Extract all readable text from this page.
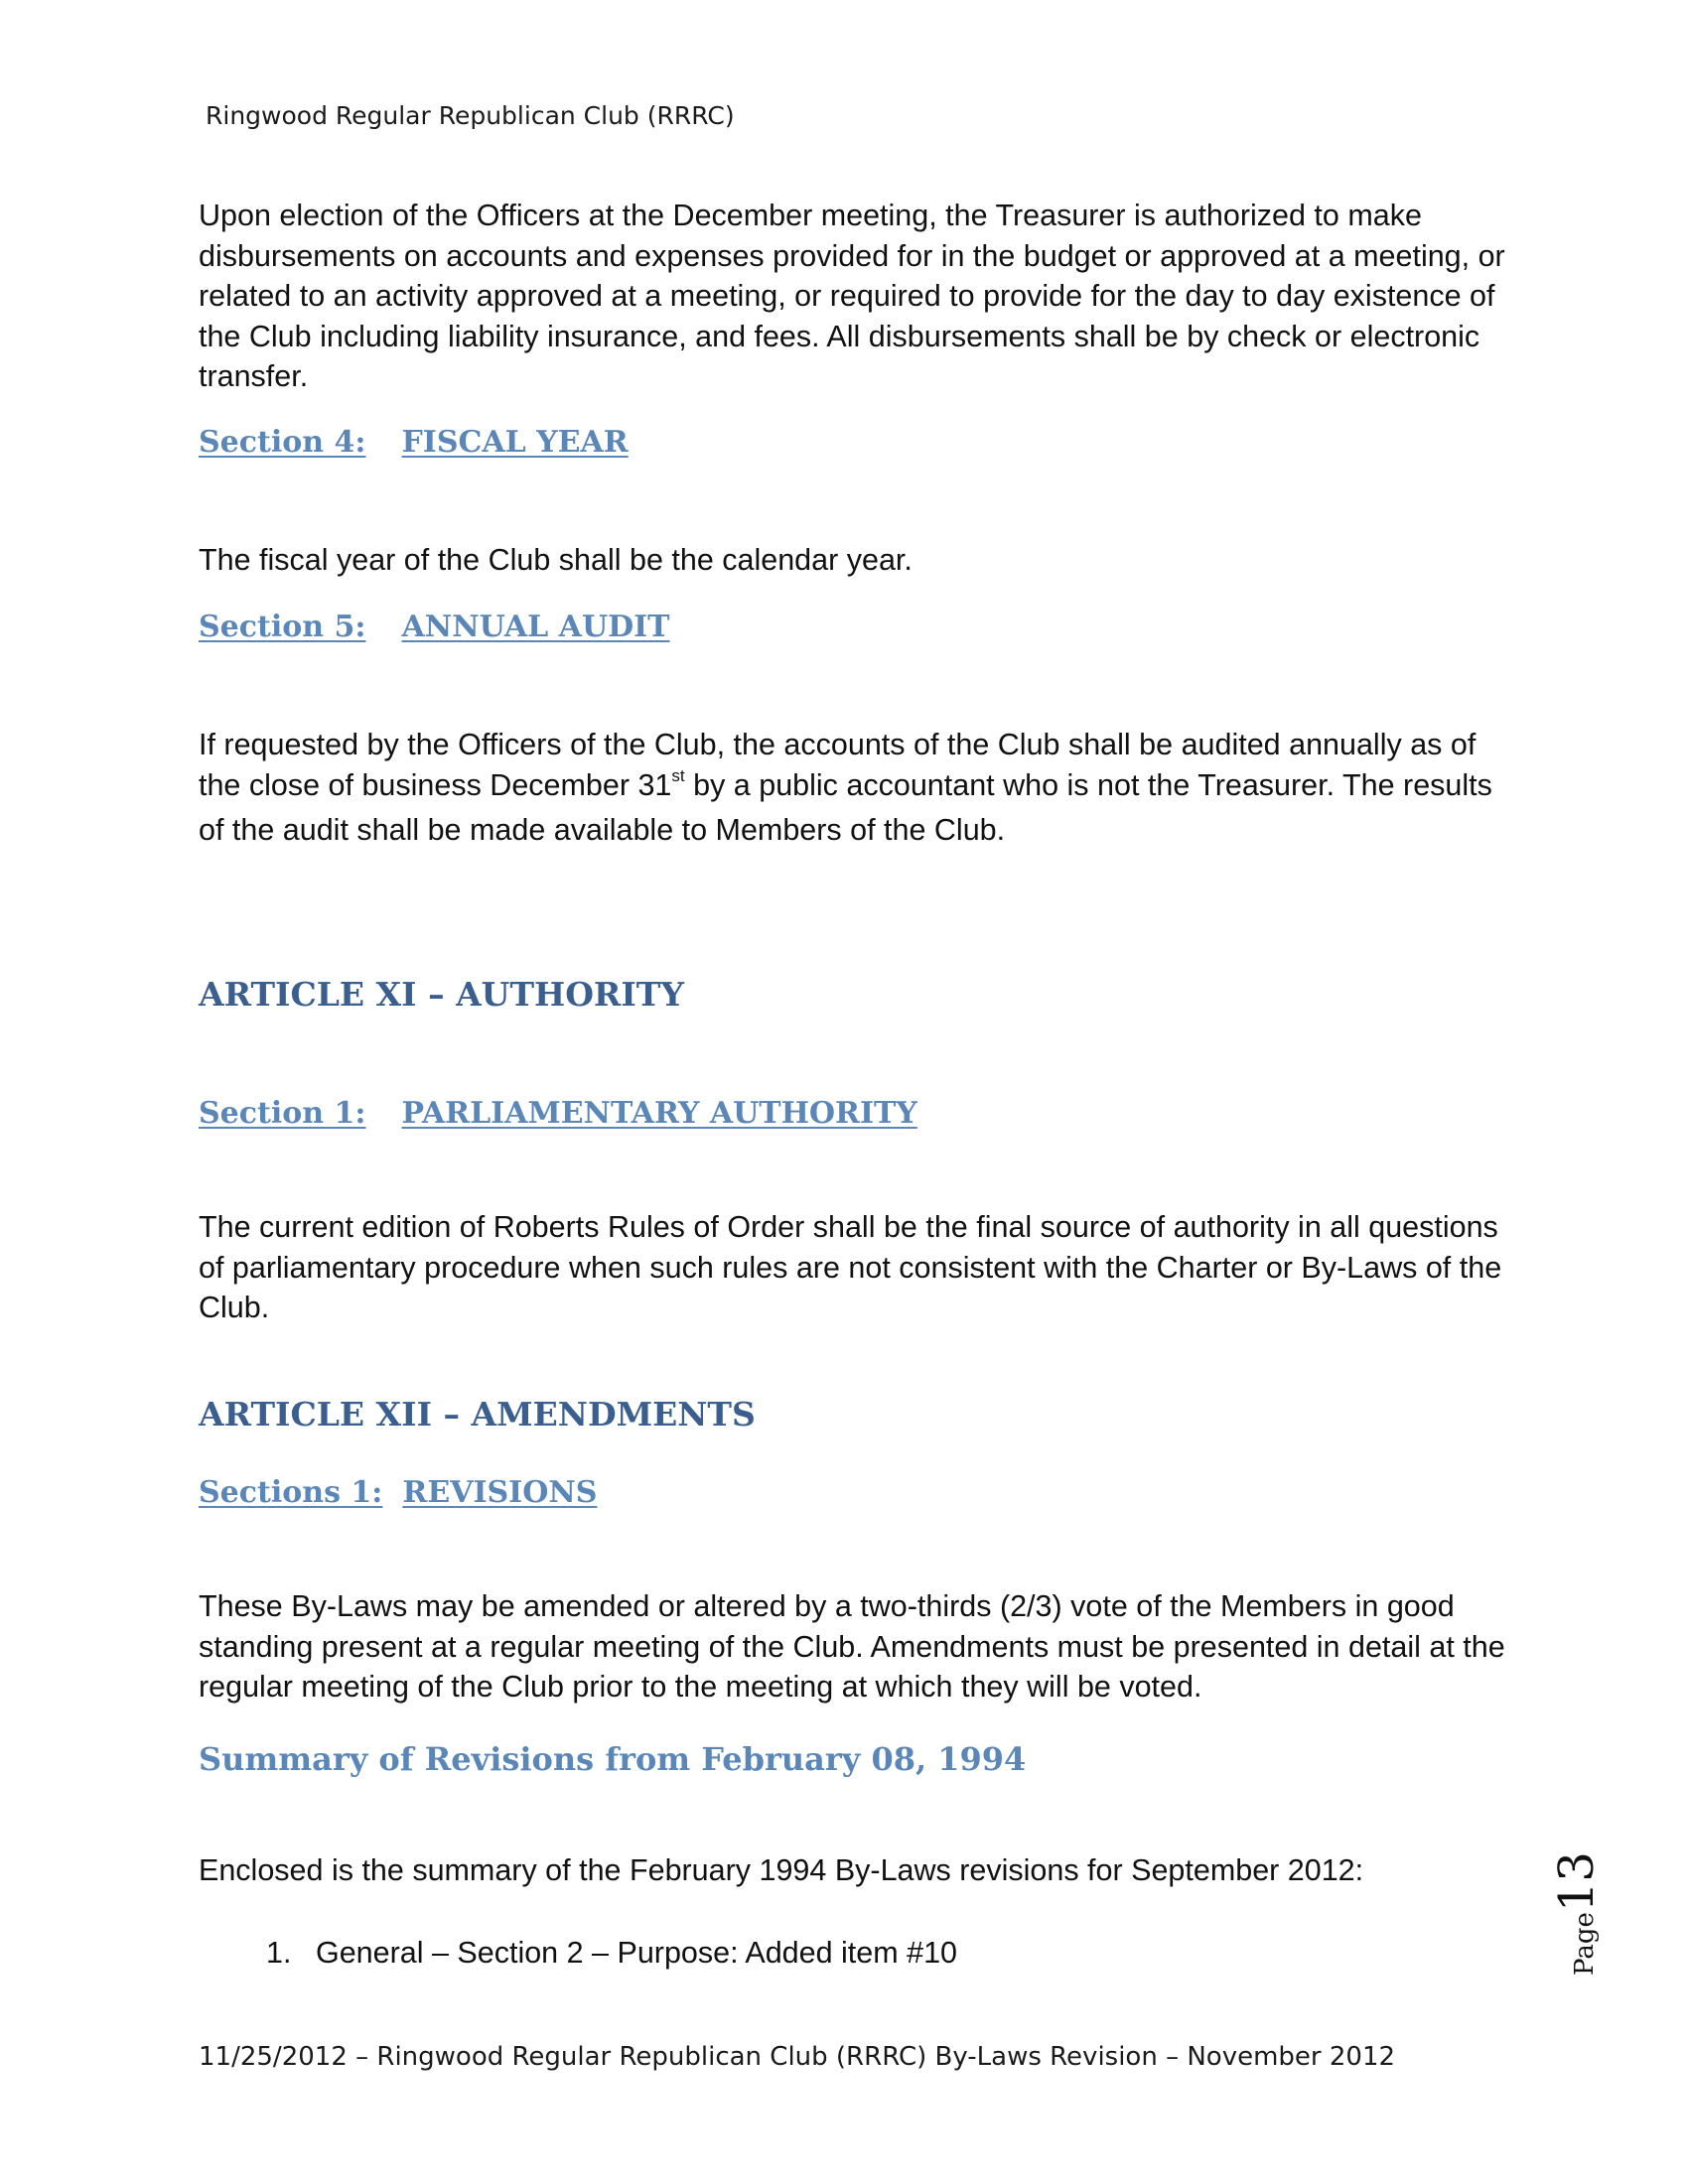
Ringwood Regular Republican Club (RRRC)

Upon election of the Officers at the December meeting, the Treasurer is authorized to make disbursements on accounts and expenses provided for in the budget or approved at a meeting, or related to an activity approved at a meeting, or required to provide for the day to day existence of the Club including liability insurance, and fees. All disbursements shall be by check or electronic transfer.

Section 4: FISCAL YEAR

The fiscal year of the Club shall be the calendar year.

Section 5: ANNUAL AUDIT

If requested by the Officers of the Club, the accounts of the Club shall be audited annually as of the close of business December 31st by a public accountant who is not the Treasurer. The results of the audit shall be made available to Members of the Club.

ARTICLE XI – AUTHORITY
Section 1: PARLIAMENTARY AUTHORITY

The current edition of Roberts Rules of Order shall be the final source of authority in all questions of parliamentary procedure when such rules are not consistent with the Charter or By-Laws of the Club.

ARTICLE XII – AMENDMENTS
Sections 1: REVISIONS

These By-Laws may be amended or altered by a two-thirds (2/3) vote of the Members in good standing present at a regular meeting of the Club. Amendments must be presented in detail at the regular meeting of the Club prior to the meeting at which they will be voted.

Summary of Revisions from February 08, 1994

Enclosed is the summary of the February 1994 By-Laws revisions for September 2012:

1. General – Section 2 – Purpose: Added item #10
11/25/2012 – Ringwood Regular Republican Club (RRRC) By-Laws Revision – November 2012
Page13
